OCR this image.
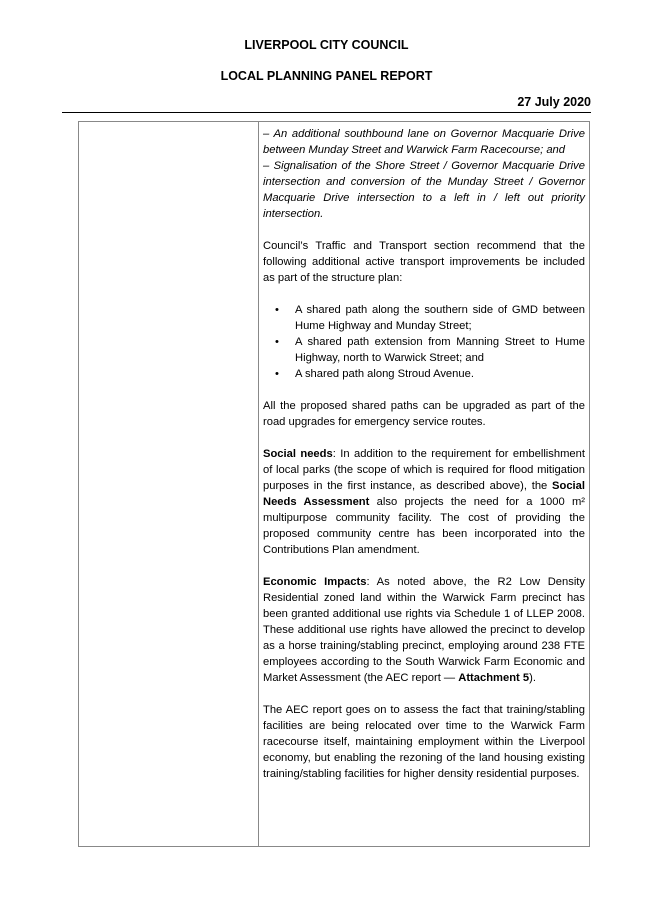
LIVERPOOL CITY COUNCIL
LOCAL PLANNING PANEL REPORT
27 July 2020

– An additional southbound lane on Governor Macquarie Drive between Munday Street and Warwick Farm Racecourse; and

– Signalisation of the Shore Street / Governor Macquarie Drive intersection and conversion of the Munday Street / Governor Macquarie Drive intersection to a left in / left out priority intersection.

Council’s Traffic and Transport section recommend that the following additional active transport improvements be included as part of the structure plan:

• A shared path along the southern side of GMD between Hume Highway and Munday Street;
• A shared path extension from Manning Street to Hume Highway, north to Warwick Street; and
• A shared path along Stroud Avenue.

All the proposed shared paths can be upgraded as part of the road upgrades for emergency service routes.

Social needs: In addition to the requirement for embellishment of local parks (the scope of which is required for flood mitigation purposes in the first instance, as described above), the Social Needs Assessment also projects the need for a 1000 m² multipurpose community facility. The cost of providing the proposed community centre has been incorporated into the Contributions Plan amendment.

Economic Impacts: As noted above, the R2 Low Density Residential zoned land within the Warwick Farm precinct has been granted additional use rights via Schedule 1 of LLEP 2008. These additional use rights have allowed the precinct to develop as a horse training/stabling precinct, employing around 238 FTE employees according to the South Warwick Farm Economic and Market Assessment (the AEC report — Attachment 5).

The AEC report goes on to assess the fact that training/stabling facilities are being relocated over time to the Warwick Farm racecourse itself, maintaining employment within the Liverpool economy, but enabling the rezoning of the land housing existing training/stabling facilities for higher density residential purposes.
